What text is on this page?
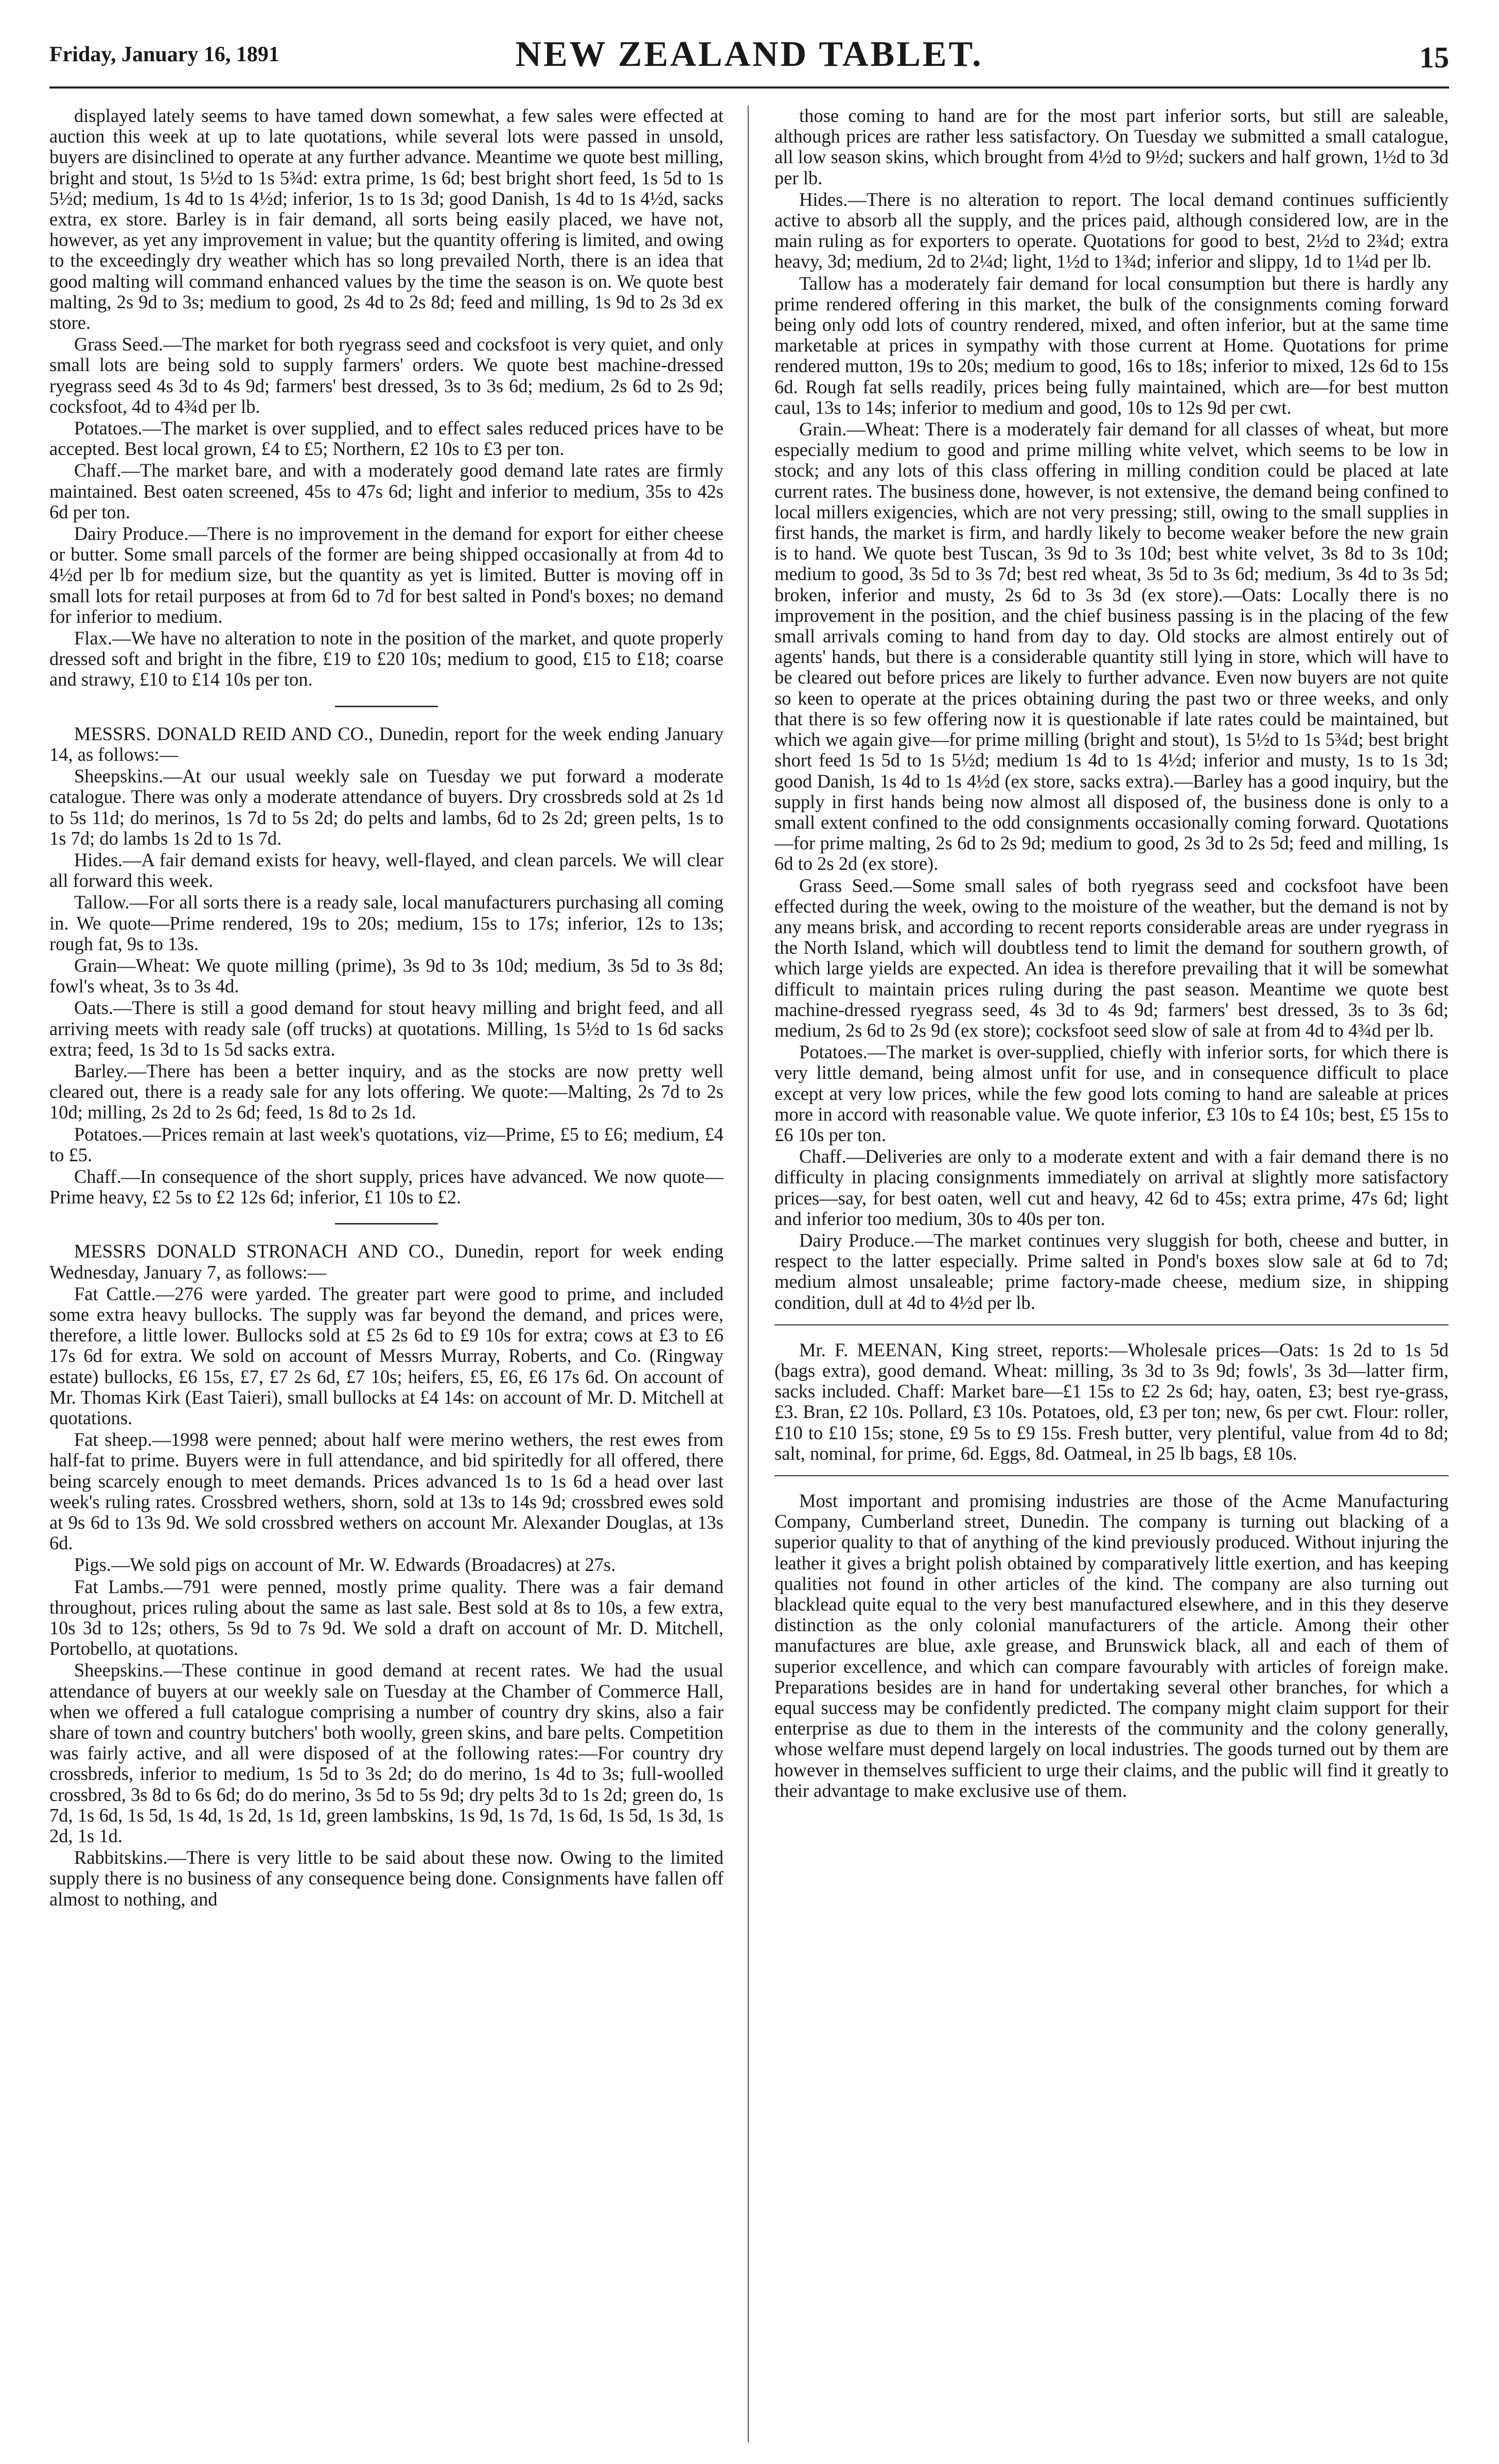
Friday, January 16, 1891	NEW ZEALAND TABLET.	15

displayed lately seems to have tamed down somewhat, a few sales were effected at auction this week at up to late quotations, while several lots were passed in unsold, buyers are disinclined to operate at any further advance. Meantime we quote best milling, bright and stout, 1s 5½d to 1s 5¾d: extra prime, 1s 6d; best bright short feed, 1s 5d to 1s 5½d; medium, 1s 4d to 1s 4½d; inferior, 1s to 1s 3d; good Danish, 1s 4d to 1s 4½d, sacks extra, ex store. Barley is in fair demand, all sorts being easily placed, we have not, however, as yet any improvement in value; but the quantity offering is limited, and owing to the exceedingly dry weather which has so long prevailed North, there is an idea that good malting will command enhanced values by the time the season is on. We quote best malting, 2s 9d to 3s; medium to good, 2s 4d to 2s 8d; feed and milling, 1s 9d to 2s 3d ex store.

Grass Seed.—The market for both ryegrass seed and cocksfoot is very quiet, and only small lots are being sold to supply farmers' orders. We quote best machine-dressed ryegrass seed 4s 3d to 4s 9d; farmers' best dressed, 3s to 3s 6d; medium, 2s 6d to 2s 9d; cocksfoot, 4d to 4¾d per lb.

Potatoes.—The market is over supplied, and to effect sales reduced prices have to be accepted. Best local grown, £4 to £5; Northern, £2 10s to £3 per ton.

Chaff.—The market bare, and with a moderately good demand late rates are firmly maintained. Best oaten screened, 45s to 47s 6d; light and inferior to medium, 35s to 42s 6d per ton.

Dairy Produce.—There is no improvement in the demand for export for either cheese or butter. Some small parcels of the former are being shipped occasionally at from 4d to 4½d per lb for medium size, but the quantity as yet is limited. Butter is moving off in small lots for retail purposes at from 6d to 7d for best salted in Pond's boxes; no demand for inferior to medium.

Flax.—We have no alteration to note in the position of the market, and quote properly dressed soft and bright in the fibre, £19 to £20 10s; medium to good, £15 to £18; coarse and strawy, £10 to £14 10s per ton.

MESSRS. DONALD REID AND CO., Dunedin, report for the week ending January 14, as follows:—

Sheepskins.—At our usual weekly sale on Tuesday we put forward a moderate catalogue. There was only a moderate attendance of buyers. Dry crossbreds sold at 2s 1d to 5s 11d; do merinos, 1s 7d to 5s 2d; do pelts and lambs, 6d to 2s 2d; green pelts, 1s to 1s 7d; do lambs 1s 2d to 1s 7d.

Hides.—A fair demand exists for heavy, well-flayed, and clean parcels. We will clear all forward this week.

Tallow.—For all sorts there is a ready sale, local manufacturers purchasing all coming in. We quote—Prime rendered, 19s to 20s; medium, 15s to 17s; inferior, 12s to 13s; rough fat, 9s to 13s.

Grain—Wheat: We quote milling (prime), 3s 9d to 3s 10d; medium, 3s 5d to 3s 8d; fowl's wheat, 3s to 3s 4d.

Oats.—There is still a good demand for stout heavy milling and bright feed, and all arriving meets with ready sale (off trucks) at quotations. Milling, 1s 5½d to 1s 6d sacks extra; feed, 1s 3d to 1s 5d sacks extra.

Barley.—There has been a better inquiry, and as the stocks are now pretty well cleared out, there is a ready sale for any lots offering. We quote:—Malting, 2s 7d to 2s 10d; milling, 2s 2d to 2s 6d; feed, 1s 8d to 2s 1d.

Potatoes.—Prices remain at last week's quotations, viz—Prime, £5 to £6; medium, £4 to £5.

Chaff.—In consequence of the short supply, prices have advanced. We now quote—Prime heavy, £2 5s to £2 12s 6d; inferior, £1 10s to £2.

MESSRS DONALD STRONACH AND CO., Dunedin, report for week ending Wednesday, January 7, as follows:—

Fat Cattle.—276 were yarded. The greater part were good to prime, and included some extra heavy bullocks. The supply was far beyond the demand, and prices were, therefore, a little lower. Bullocks sold at £5 2s 6d to £9 10s for extra; cows at £3 to £6 17s 6d for extra. We sold on account of Messrs Murray, Roberts, and Co. (Ringway estate) bullocks, £6 15s, £7, £7 2s 6d, £7 10s; heifers, £5, £6, £6 17s 6d. On account of Mr. Thomas Kirk (East Taieri), small bullocks at £4 14s: on account of Mr. D. Mitchell at quotations.

Fat sheep.—1998 were penned; about half were merino wethers, the rest ewes from half-fat to prime. Buyers were in full attendance, and bid spiritedly for all offered, there being scarcely enough to meet demands. Prices advanced 1s to 1s 6d a head over last week's ruling rates. Crossbred wethers, shorn, sold at 13s to 14s 9d; crossbred ewes sold at 9s 6d to 13s 9d. We sold crossbred wethers on account Mr. Alexander Douglas, at 13s 6d.

Pigs.—We sold pigs on account of Mr. W. Edwards (Broadacres) at 27s.

Fat Lambs.—791 were penned, mostly prime quality. There was a fair demand throughout, prices ruling about the same as last sale. Best sold at 8s to 10s, a few extra, 10s 3d to 12s; others, 5s 9d to 7s 9d. We sold a draft on account of Mr. D. Mitchell, Portobello, at quotations.

Sheepskins.—These continue in good demand at recent rates. We had the usual attendance of buyers at our weekly sale on Tuesday at the Chamber of Commerce Hall, when we offered a full catalogue comprising a number of country dry skins, also a fair share of town and country butchers' both woolly, green skins, and bare pelts. Competition was fairly active, and all were disposed of at the following rates:—For country dry crossbreds, inferior to medium, 1s 5d to 3s 2d; do do merino, 1s 4d to 3s; full-woolled crossbred, 3s 8d to 6s 6d; do do merino, 3s 5d to 5s 9d; dry pelts 3d to 1s 2d; green do, 1s 7d, 1s 6d, 1s 5d, 1s 4d, 1s 2d, 1s 1d, green lambskins, 1s 9d, 1s 7d, 1s 6d, 1s 5d, 1s 3d, 1s 2d, 1s 1d.

Rabbitskins.—There is very little to be said about these now. Owing to the limited supply there is no business of any consequence being done. Consignments have fallen off almost to nothing, and

those coming to hand are for the most part inferior sorts, but still are saleable, although prices are rather less satisfactory. On Tuesday we submitted a small catalogue, all low season skins, which brought from 4½d to 9½d; suckers and half grown, 1½d to 3d per lb.

Hides.—There is no alteration to report. The local demand continues sufficiently active to absorb all the supply, and the prices paid, although considered low, are in the main ruling as for exporters to operate. Quotations for good to best, 2½d to 2¾d; extra heavy, 3d; medium, 2d to 2¼d; light, 1½d to 1¾d; inferior and slippy, 1d to 1¼d per lb.

Tallow has a moderately fair demand for local consumption but there is hardly any prime rendered offering in this market, the bulk of the consignments coming forward being only odd lots of country rendered, mixed, and often inferior, but at the same time marketable at prices in sympathy with those current at Home. Quotations for prime rendered mutton, 19s to 20s; medium to good, 16s to 18s; inferior to mixed, 12s 6d to 15s 6d. Rough fat sells readily, prices being fully maintained, which are—for best mutton caul, 13s to 14s; inferior to medium and good, 10s to 12s 9d per cwt.

Grain.—Wheat: There is a moderately fair demand for all classes of wheat, but more especially medium to good and prime milling white velvet, which seems to be low in stock; and any lots of this class offering in milling condition could be placed at late current rates. The business done, however, is not extensive, the demand being confined to local millers exigencies, which are not very pressing; still, owing to the small supplies in first hands, the market is firm, and hardly likely to become weaker before the new grain is to hand. We quote best Tuscan, 3s 9d to 3s 10d; best white velvet, 3s 8d to 3s 10d; medium to good, 3s 5d to 3s 7d; best red wheat, 3s 5d to 3s 6d; medium, 3s 4d to 3s 5d; broken, inferior and musty, 2s 6d to 3s 3d (ex store).—Oats: Locally there is no improvement in the position, and the chief business passing is in the placing of the few small arrivals coming to hand from day to day. Old stocks are almost entirely out of agents' hands, but there is a considerable quantity still lying in store, which will have to be cleared out before prices are likely to further advance. Even now buyers are not quite so keen to operate at the prices obtaining during the past two or three weeks, and only that there is so few offering now it is questionable if late rates could be maintained, but which we again give—for prime milling (bright and stout), 1s 5½d to 1s 5¾d; best bright short feed 1s 5d to 1s 5½d; medium 1s 4d to 1s 4½d; inferior and musty, 1s to 1s 3d; good Danish, 1s 4d to 1s 4½d (ex store, sacks extra).—Barley has a good inquiry, but the supply in first hands being now almost all disposed of, the business done is only to a small extent confined to the odd consignments occasionally coming forward. Quotations—for prime malting, 2s 6d to 2s 9d; medium to good, 2s 3d to 2s 5d; feed and milling, 1s 6d to 2s 2d (ex store).

Grass Seed.—Some small sales of both ryegrass seed and cocksfoot have been effected during the week, owing to the moisture of the weather, but the demand is not by any means brisk, and according to recent reports considerable areas are under ryegrass in the North Island, which will doubtless tend to limit the demand for southern growth, of which large yields are expected. An idea is therefore prevailing that it will be somewhat difficult to maintain prices ruling during the past season. Meantime we quote best machine-dressed ryegrass seed, 4s 3d to 4s 9d; farmers' best dressed, 3s to 3s 6d; medium, 2s 6d to 2s 9d (ex store); cocksfoot seed slow of sale at from 4d to 4¾d per lb.

Potatoes.—The market is over-supplied, chiefly with inferior sorts, for which there is very little demand, being almost unfit for use, and in consequence difficult to place except at very low prices, while the few good lots coming to hand are saleable at prices more in accord with reasonable value. We quote inferior, £3 10s to £4 10s; best, £5 15s to £6 10s per ton.

Chaff.—Deliveries are only to a moderate extent and with a fair demand there is no difficulty in placing consignments immediately on arrival at slightly more satisfactory prices—say, for best oaten, well cut and heavy, 42 6d to 45s; extra prime, 47s 6d; light and inferior too medium, 30s to 40s per ton.

Dairy Produce.—The market continues very sluggish for both, cheese and butter, in respect to the latter especially. Prime salted in Pond's boxes slow sale at 6d to 7d; medium almost unsaleable; prime factory-made cheese, medium size, in shipping condition, dull at 4d to 4½d per lb.

Mr. F. MEENAN, King street, reports:—Wholesale prices—Oats: 1s 2d to 1s 5d (bags extra), good demand. Wheat: milling, 3s 3d to 3s 9d; fowls', 3s 3d—latter firm, sacks included. Chaff: Market bare—£1 15s to £2 2s 6d; hay, oaten, £3; best rye-grass, £3. Bran, £2 10s. Pollard, £3 10s. Potatoes, old, £3 per ton; new, 6s per cwt. Flour: roller, £10 to £10 15s; stone, £9 5s to £9 15s. Fresh butter, very plentiful, value from 4d to 8d; salt, nominal, for prime, 6d. Eggs, 8d. Oatmeal, in 25 lb bags, £8 10s.

Most important and promising industries are those of the Acme Manufacturing Company, Cumberland street, Dunedin. The company is turning out blacking of a superior quality to that of anything of the kind previously produced. Without injuring the leather it gives a bright polish obtained by comparatively little exertion, and has keeping qualities not found in other articles of the kind. The company are also turning out blacklead quite equal to the very best manufactured elsewhere, and in this they deserve distinction as the only colonial manufacturers of the article. Among their other manufactures are blue, axle grease, and Brunswick black, all and each of them of superior excellence, and which can compare favourably with articles of foreign make. Preparations besides are in hand for undertaking several other branches, for which a equal success may be confidently predicted. The company might claim support for their enterprise as due to them in the interests of the community and the colony generally, whose welfare must depend largely on local industries. The goods turned out by them are however in themselves sufficient to urge their claims, and the public will find it greatly to their advantage to make exclusive use of them.
